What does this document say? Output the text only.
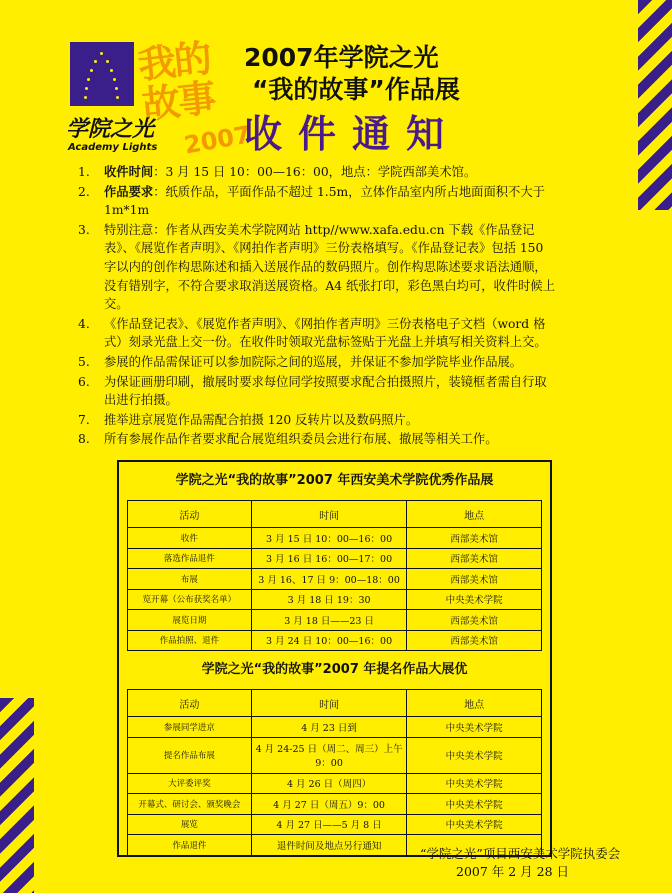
我的故事
2007
学院之光
Academy Lights
2007年学院之光
“我的故事”作品展
收件通知
1.	收件时间：3 月 15 日 10：00—16：00，地点：学院西部美术馆。
2.	作品要求：纸质作品，平面作品不超过 1.5m，立体作品室内所占地面面积不大于 1m*1m
3.	特别注意：作者从西安美术学院网站 http//www.xafa.edu.cn 下载《作品登记表》、《展览作者声明》、《网拍作者声明》三份表格填写。《作品登记表》包括 150 字以内的创作构思陈述和插入送展作品的数码照片。创作构思陈述要求语法通顺，没有错别字，不符合要求取消送展资格。A4 纸张打印，彩色黑白均可，收件时候上交。
4.	《作品登记表》、《展览作者声明》、《网拍作者声明》三份表格电子文档（word 格式）刻录光盘上交一份。在收件时领取光盘标签贴于光盘上并填写相关资料上交。
5.	参展的作品需保证可以参加院际之间的巡展，并保证不参加学院毕业作品展。
6.	为保证画册印刷，撤展时要求每位同学按照要求配合拍摄照片，装镜框者需自行取出进行拍摄。
7.	推举进京展览作品需配合拍摄 120 反转片以及数码照片。
8.	所有参展作品作者要求配合展览组织委员会进行布展、撤展等相关工作。
学院之光“我的故事”2007 年西安美术学院优秀作品展
活动	时间	地点
收件	3 月 15 日 10：00—16：00	西部美术馆
落选作品退件	3 月 16 日 16：00—17：00	西部美术馆
布展	3 月 16、17 日 9：00—18：00	西部美术馆
览开幕（公布获奖名单）	3 月 18 日 19：30	中央美术学院
展览日期	3 月 18 日——23 日	西部美术馆
作品拍照、退件	3 月 24 日 10：00—16：00	西部美术馆
学院之光“我的故事”2007 年提名作品大展优
活动	时间	地点
参展同学进京	4 月 23 日到	中央美术学院
提名作品布展	4 月 24-25 日（周二、周三）上午 9：00	中央美术学院
大评委评奖	4 月 26 日（周四）	中央美术学院
开幕式、研讨会、颁奖晚会	4 月 27 日（周五）9：00	中央美术学院
展览	4 月 27 日——5 月 8 日	中央美术学院
作品退件	退件时间及地点另行通知		“学院之光”项目西安美术学院执委会
2007 年 2 月 28 日
